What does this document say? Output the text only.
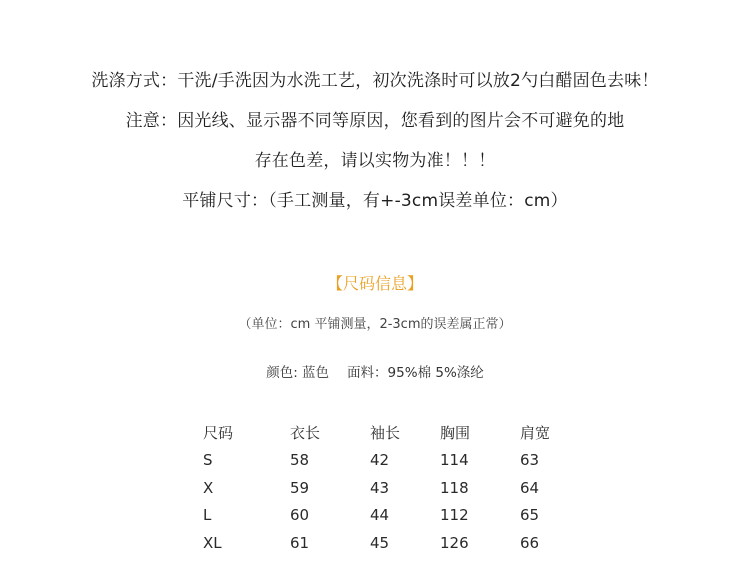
洗涤方式：干洗/手洗因为水洗工艺，初次洗涤时可以放2勺白醋固色去味！
注意：因光线、显示器不同等原因，您看到的图片会不可避免的地
存在色差，请以实物为准！！！
平铺尺寸：（手工测量，有+-3cm误差单位：cm）
【尺码信息】
（单位：cm 平铺测量，2-3cm的误差属正常）
颜色: 蓝色 面料：95%棉 5%涤纶
尺码	衣长	袖长	胸围	肩宽
S	58	42	114	63
X	59	43	118	64
L	60	44	112	65
XL	61	45	126	66
